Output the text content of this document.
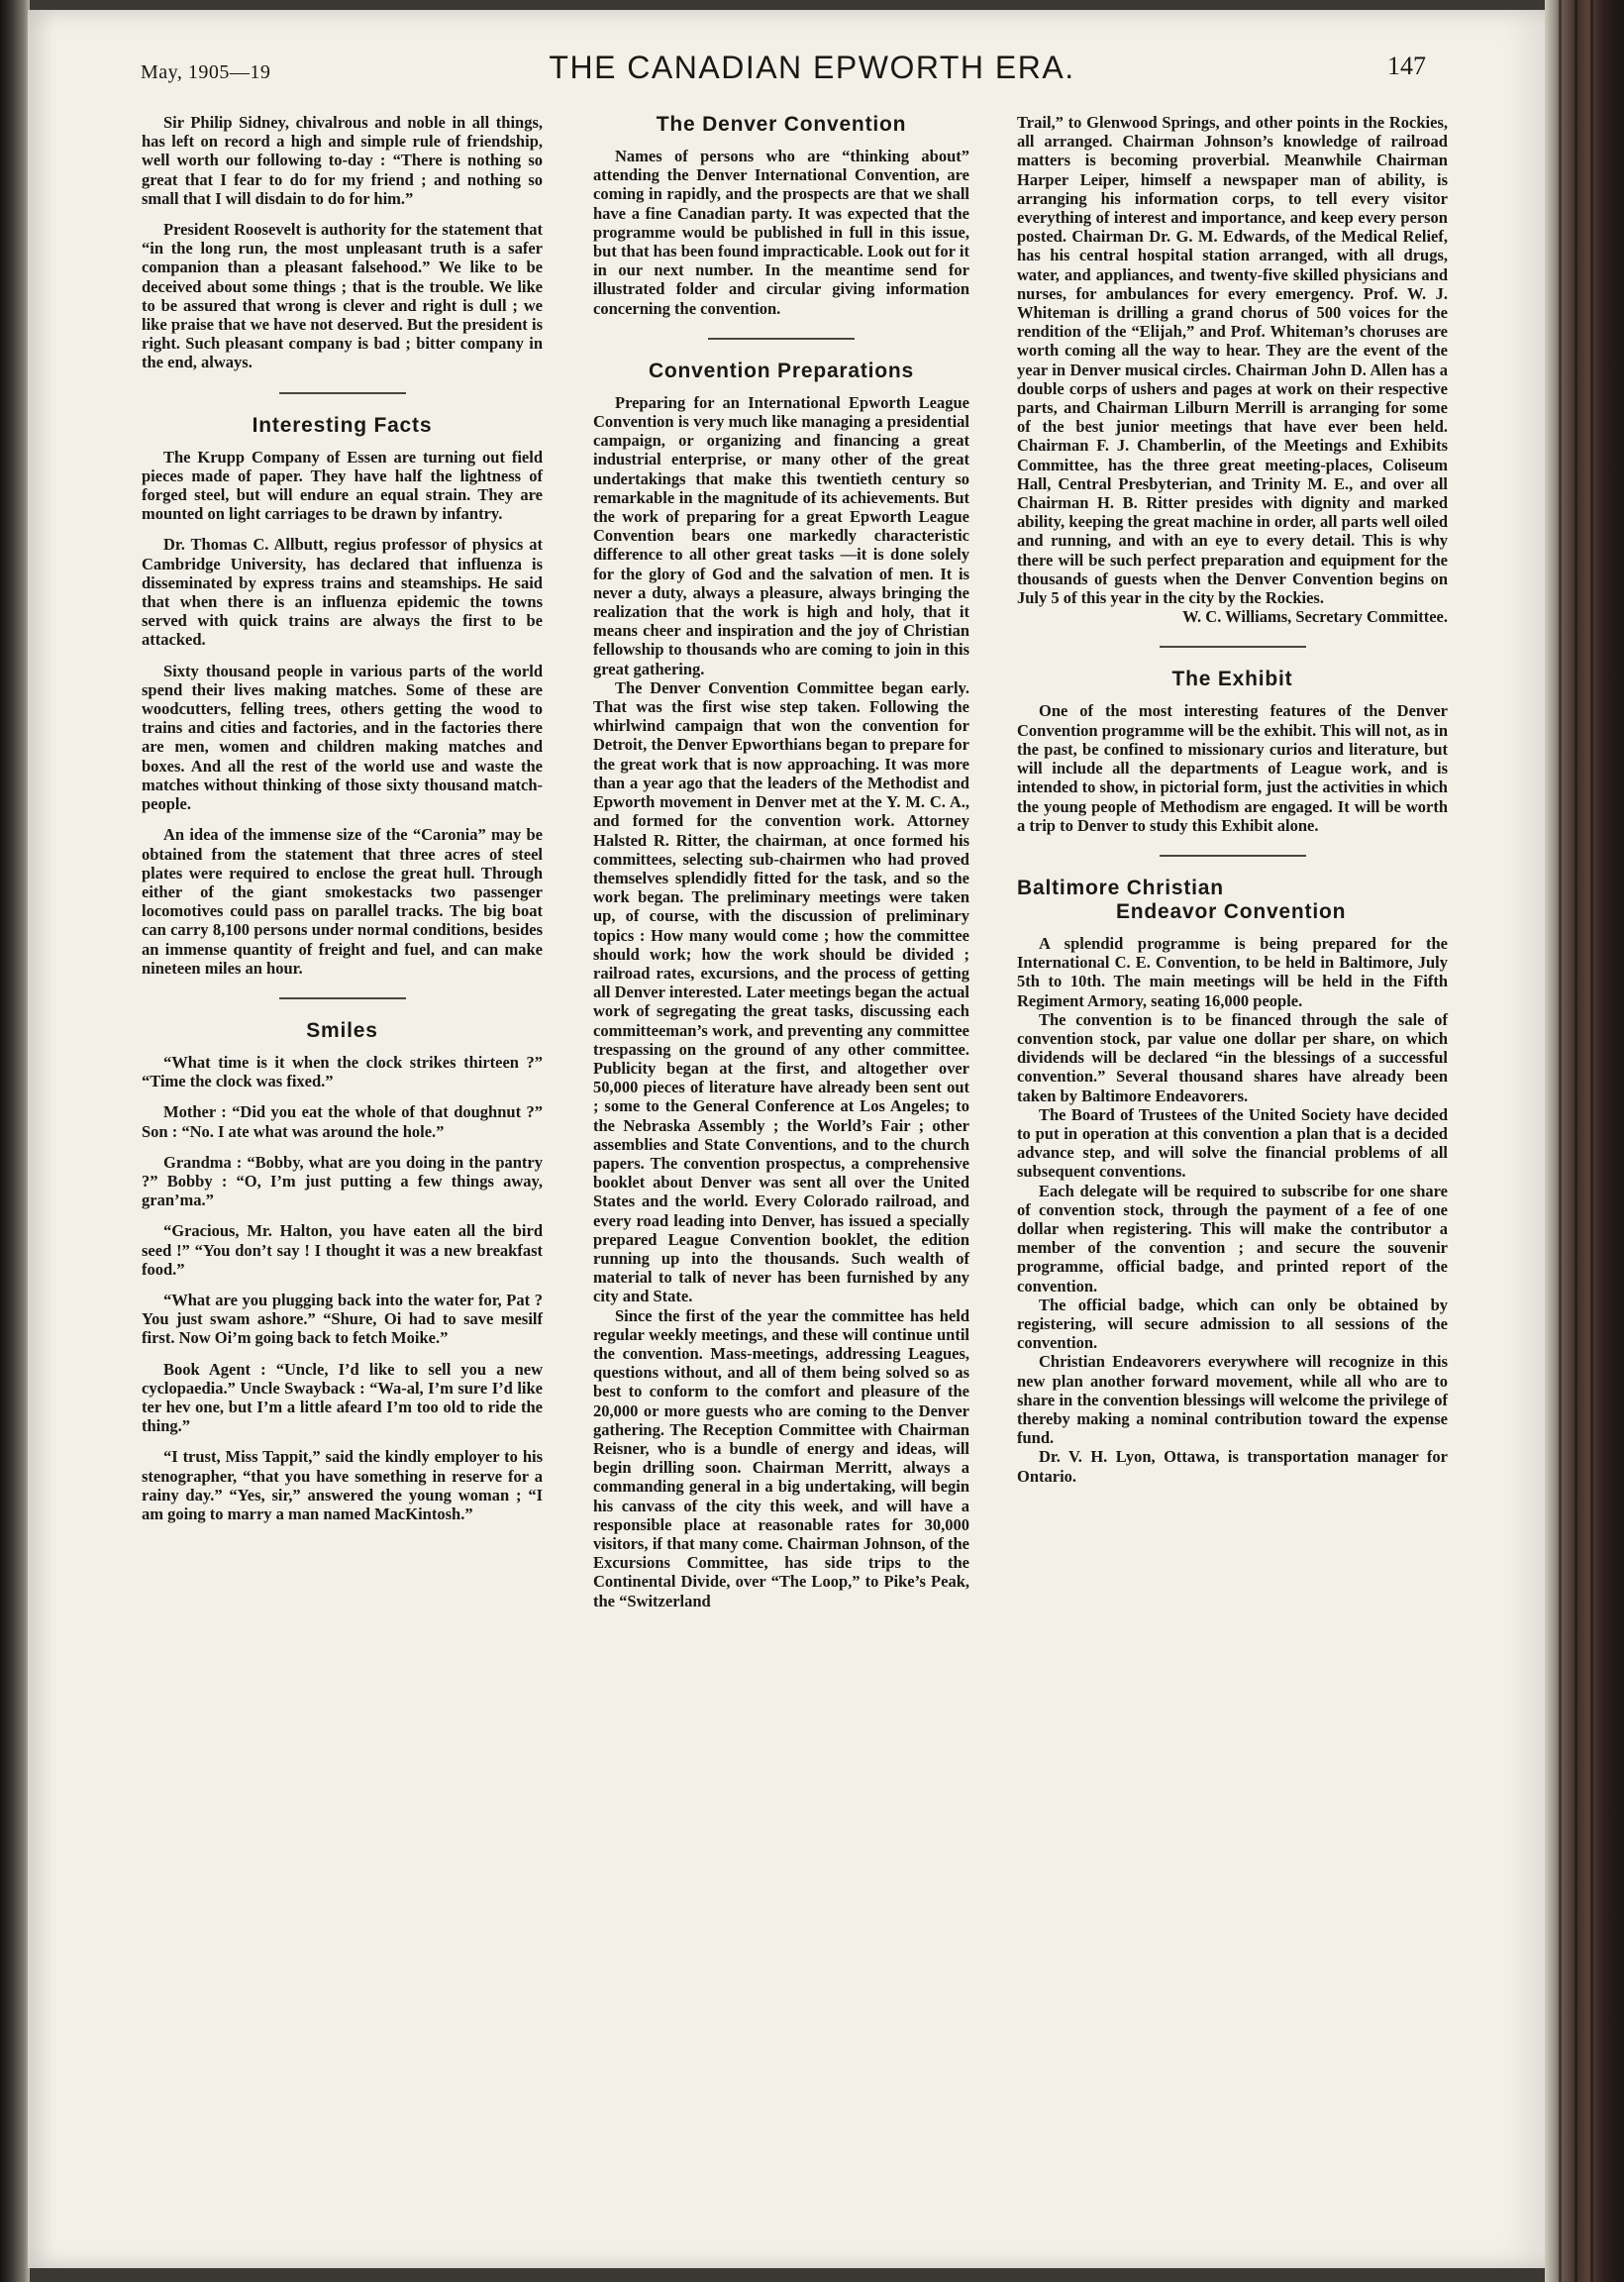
May, 1905—19	THE CANADIAN EPWORTH ERA.	147

Sir Philip Sidney, chivalrous and noble in all things, has left on record a high and simple rule of friendship, well worth our following to-day : “There is nothing so great that I fear to do for my friend ; and nothing so small that I will disdain to do for him.”

President Roosevelt is authority for the statement that “in the long run, the most unpleasant truth is a safer companion than a pleasant falsehood.” We like to be deceived about some things ; that is the trouble. We like to be assured that wrong is clever and right is dull ; we like praise that we have not deserved. But the president is right. Such pleasant company is bad ; bitter company in the end, always.

Interesting Facts

The Krupp Company of Essen are turning out field pieces made of paper. They have half the lightness of forged steel, but will endure an equal strain. They are mounted on light carriages to be drawn by infantry.

Dr. Thomas C. Allbutt, regius professor of physics at Cambridge University, has declared that influenza is disseminated by express trains and steamships. He said that when there is an influenza epidemic the towns served with quick trains are always the first to be attacked.

Sixty thousand people in various parts of the world spend their lives making matches. Some of these are woodcutters, felling trees, others getting the wood to trains and cities and factories, and in the factories there are men, women and children making matches and boxes. And all the rest of the world use and waste the matches without thinking of those sixty thousand match-people.

An idea of the immense size of the “Caronia” may be obtained from the statement that three acres of steel plates were required to enclose the great hull. Through either of the giant smokestacks two passenger locomotives could pass on parallel tracks. The big boat can carry 8,100 persons under normal conditions, besides an immense quantity of freight and fuel, and can make nineteen miles an hour.

Smiles

“What time is it when the clock strikes thirteen ?” “Time the clock was fixed.”

Mother : “Did you eat the whole of that doughnut ?” Son : “No. I ate what was around the hole.”

Grandma : “Bobby, what are you doing in the pantry ?” Bobby : “O, I’m just putting a few things away, gran’ma.”

“Gracious, Mr. Halton, you have eaten all the bird seed !” “You don’t say ! I thought it was a new breakfast food.”

“What are you plugging back into the water for, Pat ? You just swam ashore.” “Shure, Oi had to save mesilf first. Now Oi’m going back to fetch Moike.”

Book Agent : “Uncle, I’d like to sell you a new cyclopaedia.” Uncle Swayback : “Wa-al, I’m sure I’d like ter hev one, but I’m a little afeard I’m too old to ride the thing.”

“I trust, Miss Tappit,” said the kindly employer to his stenographer, “that you have something in reserve for a rainy day.” “Yes, sir,” answered the young woman ; “I am going to marry a man named MacKintosh.”

The Denver Convention

Names of persons who are “thinking about” attending the Denver International Convention, are coming in rapidly, and the prospects are that we shall have a fine Canadian party. It was expected that the programme would be published in full in this issue, but that has been found impracticable. Look out for it in our next number. In the meantime send for illustrated folder and circular giving information concerning the convention.

Convention Preparations

Preparing for an International Epworth League Convention is very much like managing a presidential campaign, or organizing and financing a great industrial enterprise, or many other of the great undertakings that make this twentieth century so remarkable in the magnitude of its achievements. But the work of preparing for a great Epworth League Convention bears one markedly characteristic difference to all other great tasks —it is done solely for the glory of God and the salvation of men. It is never a duty, always a pleasure, always bringing the realization that the work is high and holy, that it means cheer and inspiration and the joy of Christian fellowship to thousands who are coming to join in this great gathering.

The Denver Convention Committee began early. That was the first wise step taken. Following the whirlwind campaign that won the convention for Detroit, the Denver Epworthians began to prepare for the great work that is now approaching. It was more than a year ago that the leaders of the Methodist and Epworth movement in Denver met at the Y. M. C. A., and formed for the convention work. Attorney Halsted R. Ritter, the chairman, at once formed his committees, selecting sub-chairmen who had proved themselves splendidly fitted for the task, and so the work began. The preliminary meetings were taken up, of course, with the discussion of preliminary topics : How many would come ; how the committee should work; how the work should be divided ; railroad rates, excursions, and the process of getting all Denver interested. Later meetings began the actual work of segregating the great tasks, discussing each committeeman’s work, and preventing any committee trespassing on the ground of any other committee. Publicity began at the first, and altogether over 50,000 pieces of literature have already been sent out ; some to the General Conference at Los Angeles; to the Nebraska Assembly ; the World’s Fair ; other assemblies and State Conventions, and to the church papers. The convention prospectus, a comprehensive booklet about Denver was sent all over the United States and the world. Every Colorado railroad, and every road leading into Denver, has issued a specially prepared League Convention booklet, the edition running up into the thousands. Such wealth of material to talk of never has been furnished by any city and State.

Since the first of the year the committee has held regular weekly meetings, and these will continue until the convention. Mass-meetings, addressing Leagues, questions without, and all of them being solved so as best to conform to the comfort and pleasure of the 20,000 or more guests who are coming to the Denver gathering. The Reception Committee with Chairman Reisner, who is a bundle of energy and ideas, will begin drilling soon. Chairman Merritt, always a commanding general in a big undertaking, will begin his canvass of the city this week, and will have a responsible place at reasonable rates for 30,000 visitors, if that many come. Chairman Johnson, of the Excursions Committee, has side trips to the Continental Divide, over “The Loop,” to Pike’s Peak, the “Switzerland

Trail,” to Glenwood Springs, and other points in the Rockies, all arranged. Chairman Johnson’s knowledge of railroad matters is becoming proverbial. Meanwhile Chairman Harper Leiper, himself a newspaper man of ability, is arranging his information corps, to tell every visitor everything of interest and importance, and keep every person posted. Chairman Dr. G. M. Edwards, of the Medical Relief, has his central hospital station arranged, with all drugs, water, and appliances, and twenty-five skilled physicians and nurses, for ambulances for every emergency. Prof. W. J. Whiteman is drilling a grand chorus of 500 voices for the rendition of the “Elijah,” and Prof. Whiteman’s choruses are worth coming all the way to hear. They are the event of the year in Denver musical circles. Chairman John D. Allen has a double corps of ushers and pages at work on their respective parts, and Chairman Lilburn Merrill is arranging for some of the best junior meetings that have ever been held. Chairman F. J. Chamberlin, of the Meetings and Exhibits Committee, has the three great meeting-places, Coliseum Hall, Central Presbyterian, and Trinity M. E., and over all Chairman H. B. Ritter presides with dignity and marked ability, keeping the great machine in order, all parts well oiled and running, and with an eye to every detail. This is why there will be such perfect preparation and equipment for the thousands of guests when the Denver Convention begins on July 5 of this year in the city by the Rockies.

W. C. Williams, Secretary Committee.

The Exhibit

One of the most interesting features of the Denver Convention programme will be the exhibit. This will not, as in the past, be confined to missionary curios and literature, but will include all the departments of League work, and is intended to show, in pictorial form, just the activities in which the young people of Methodism are engaged. It will be worth a trip to Denver to study this Exhibit alone.

Baltimore Christian
Endeavor Convention

A splendid programme is being prepared for the International C. E. Convention, to be held in Baltimore, July 5th to 10th. The main meetings will be held in the Fifth Regiment Armory, seating 16,000 people.

The convention is to be financed through the sale of convention stock, par value one dollar per share, on which dividends will be declared “in the blessings of a successful convention.” Several thousand shares have already been taken by Baltimore Endeavorers.

The Board of Trustees of the United Society have decided to put in operation at this convention a plan that is a decided advance step, and will solve the financial problems of all subsequent conventions.

Each delegate will be required to subscribe for one share of convention stock, through the payment of a fee of one dollar when registering. This will make the contributor a member of the convention ; and secure the souvenir programme, official badge, and printed report of the convention.

The official badge, which can only be obtained by registering, will secure admission to all sessions of the convention.

Christian Endeavorers everywhere will recognize in this new plan another forward movement, while all who are to share in the convention blessings will welcome the privilege of thereby making a nominal contribution toward the expense fund.

Dr. V. H. Lyon, Ottawa, is transportation manager for Ontario.
